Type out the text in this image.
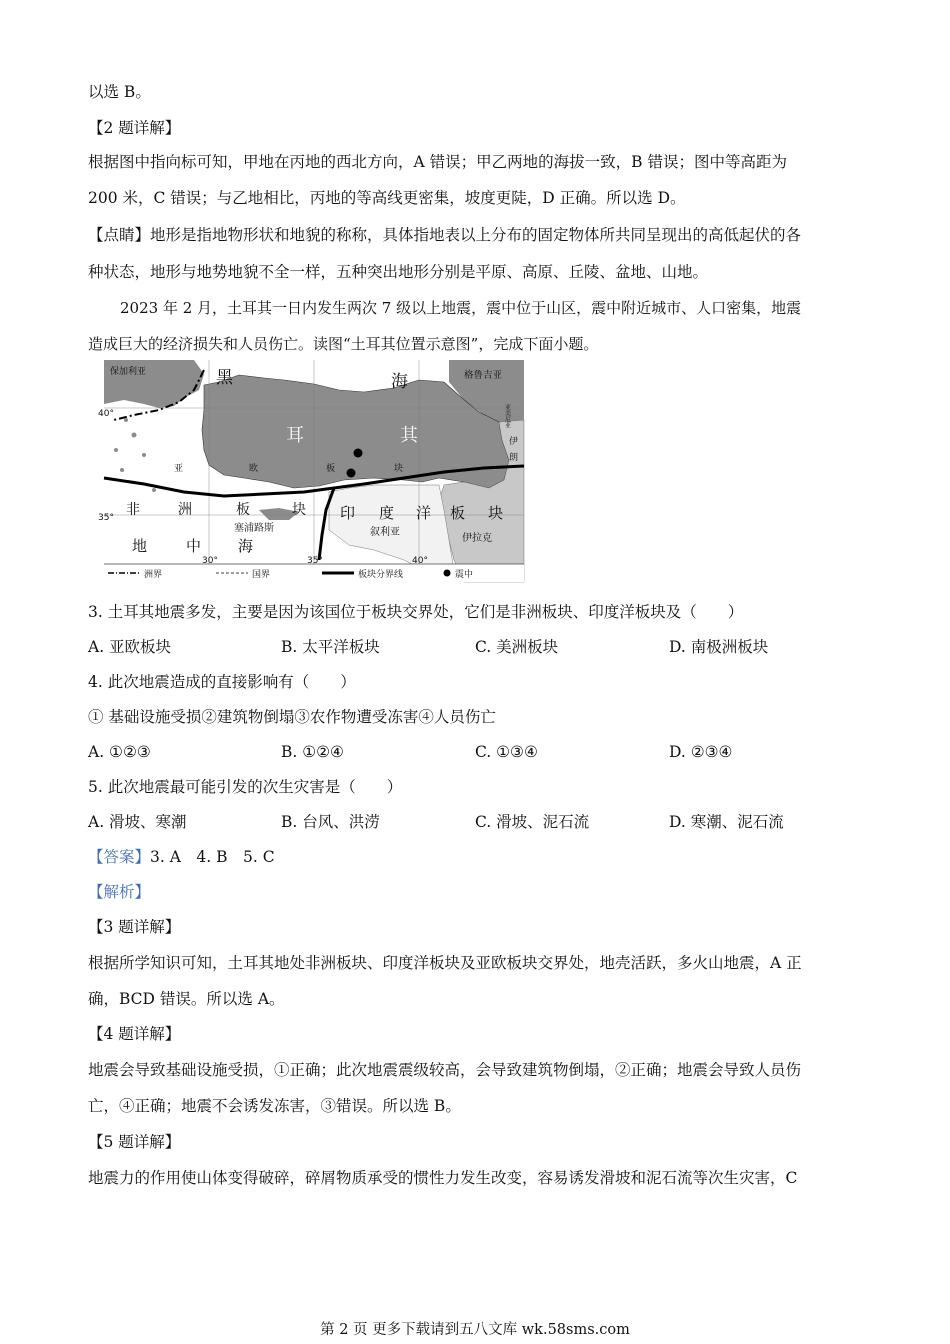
以选 B。
【2 题详解】
根据图中指向标可知，甲地在丙地的西北方向，A 错误；甲乙两地的海拔一致，B 错误；图中等高距为
200 米，C 错误；与乙地相比，丙地的等高线更密集，坡度更陡，D 正确。所以选 D。
【点睛】地形是指地物形状和地貌的称称，具体指地表以上分布的固定物体所共同呈现出的高低起伏的各
种状态，地形与地势地貌不全一样，五种突出地形分别是平原、高原、丘陵、盆地、山地。
2023 年 2 月，土耳其一日内发生两次 7 级以上地震，震中位于山区，震中附近城市、人口密集，地震
造成巨大的经济损失和人员伤亡。读图“土耳其位置示意图”，完成下面小题。
保加利亚	黑	海	格鲁吉亚
亚美尼亚
40°
土	耳	其	伊
朗
亚	欧	板	块
35° 非	洲	板	块
塞浦路斯
印 度 洋 板 块
叙利亚
伊拉克
地	中 海
30°	35°	40°
洲界	国界	板块分界线	震中
3. 土耳其地震多发，主要是因为该国位于板块交界处，它们是非洲板块、印度洋板块及（　　）
A. 亚欧板块	B. 太平洋板块	C. 美洲板块	D. 南极洲板块
4. 此次地震造成的直接影响有（　　）
① 基础设施受损②建筑物倒塌③农作物遭受冻害④人员伤亡
A. ①②③	B. ①②④	C. ①③④	D. ②③④
5. 此次地震最可能引发的次生灾害是（　　）
A. 滑坡、寒潮	B. 台风、洪涝	C. 滑坡、泥石流	D. 寒潮、泥石流
【答案】3. A　4. B　5. C
【解析】
【3 题详解】
根据所学知识可知，土耳其地处非洲板块、印度洋板块及亚欧板块交界处，地壳活跃，多火山地震，A 正
确，BCD 错误。所以选 A。
【4 题详解】
地震会导致基础设施受损，①正确；此次地震震级较高，会导致建筑物倒塌，②正确；地震会导致人员伤
亡，④正确；地震不会诱发冻害，③错误。所以选 B。
【5 题详解】
地震力的作用使山体变得破碎，碎屑物质承受的惯性力发生改变，容易诱发滑坡和泥石流等次生灾害，C
第 2 页 更多下载请到五八文库 wk.58sms.com
